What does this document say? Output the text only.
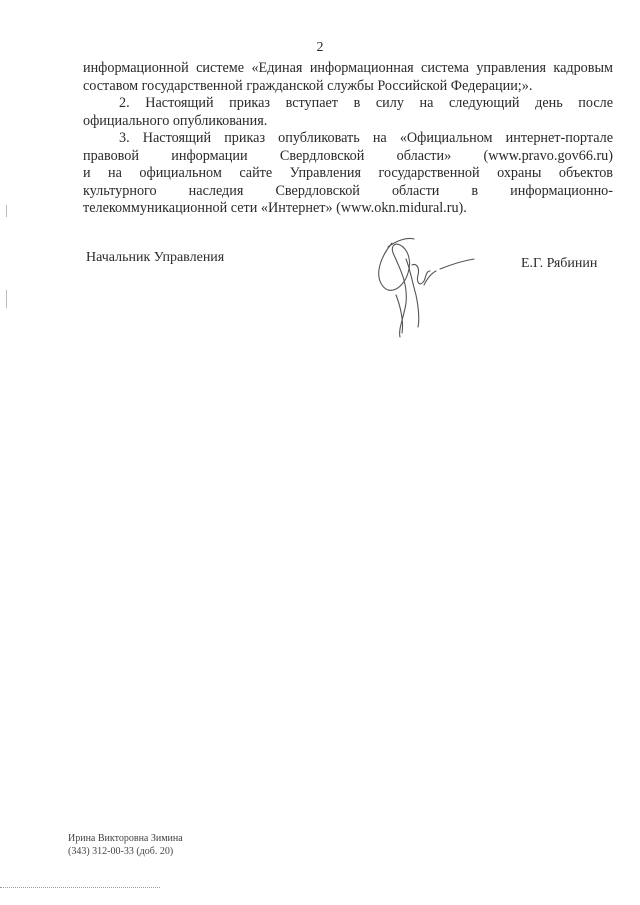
2
информационной системе «Единая информационная система управления кадровым
составом государственной гражданской службы Российской Федерации;».
2. Настоящий приказ вступает в силу на следующий день после
официального опубликования.
3. Настоящий приказ опубликовать на «Официальном интернет-портале
правовой информации Свердловской области» (www.pravo.gov66.ru)
и на официальном сайте Управления государственной охраны объектов
культурного наследия Свердловской области в информационно-
телекоммуникационной сети «Интернет» (www.okn.midural.ru).
Начальник Управления	Е.Г. Рябинин
Ирина Викторовна Зимина
(343) 312-00-33 (доб. 20)
